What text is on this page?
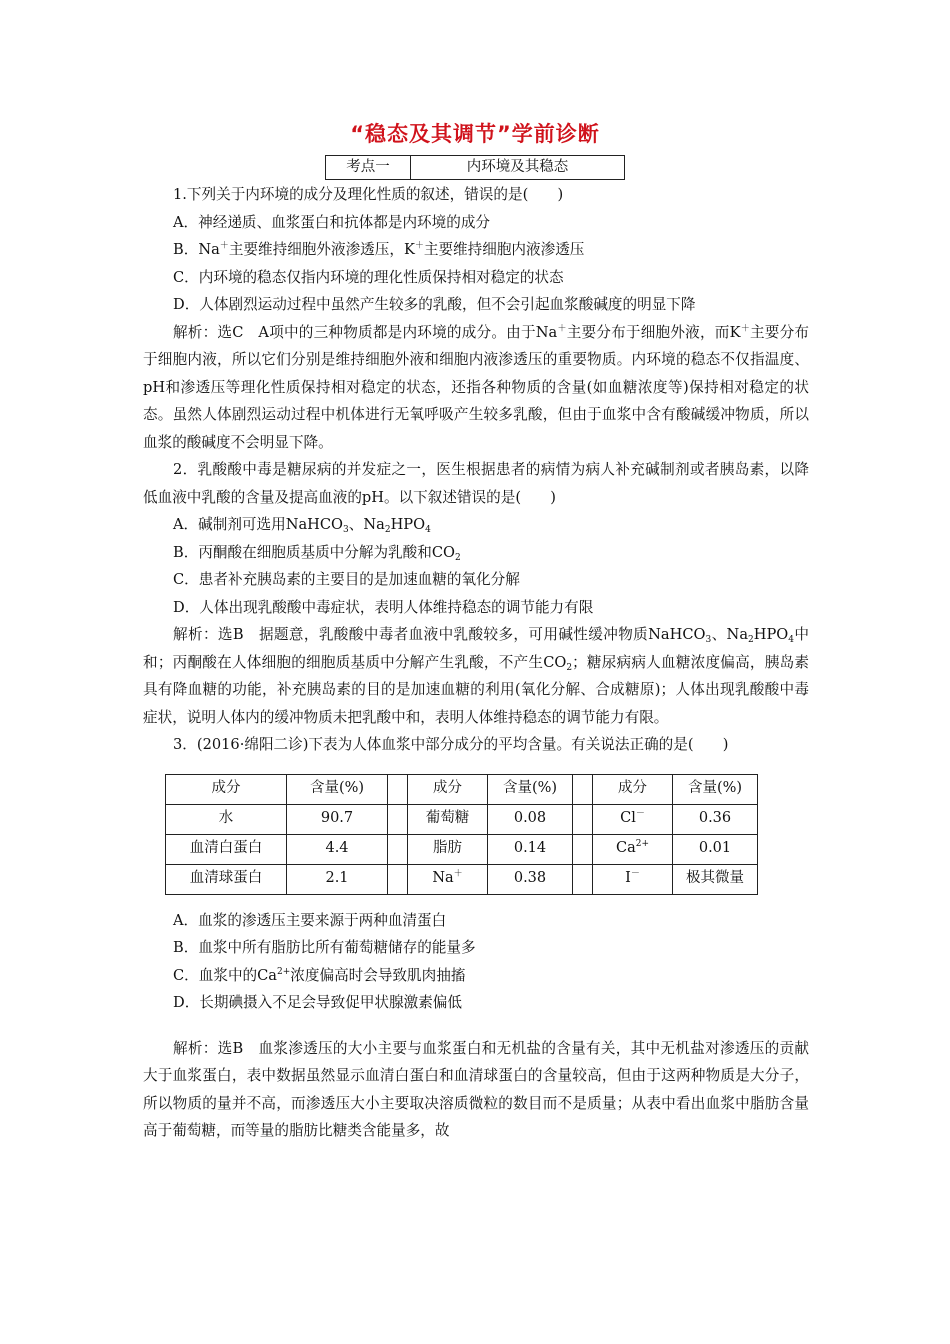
“稳态及其调节”学前诊断
考点一	内环境及其稳态

1.下列关于内环境的成分及理化性质的叙述，错误的是(　　)

A．神经递质、血浆蛋白和抗体都是内环境的成分

B．Na＋主要维持细胞外液渗透压，K＋主要维持细胞内液渗透压

C．内环境的稳态仅指内环境的理化性质保持相对稳定的状态

D．人体剧烈运动过程中虽然产生较多的乳酸，但不会引起血浆酸碱度的明显下降

解析：选C　A项中的三种物质都是内环境的成分。由于Na＋主要分布于细胞外液，而K＋主要分布于细胞内液，所以它们分别是维持细胞外液和细胞内液渗透压的重要物质。内环境的稳态不仅指温度、pH和渗透压等理化性质保持相对稳定的状态，还指各种物质的含量(如血糖浓度等)保持相对稳定的状态。虽然人体剧烈运动过程中机体进行无氧呼吸产生较多乳酸，但由于血浆中含有酸碱缓冲物质，所以血浆的酸碱度不会明显下降。

2．乳酸酸中毒是糖尿病的并发症之一，医生根据患者的病情为病人补充碱制剂或者胰岛素，以降低血液中乳酸的含量及提高血液的pH。以下叙述错误的是(　　)

A．碱制剂可选用NaHCO$_3$、$Na_2HPO_4$

B．丙酮酸在细胞质基质中分解为乳酸和$CO_2$

C．患者补充胰岛素的主要目的是加速血糖的氧化分解

D．人体出现乳酸酸中毒症状，表明人体维持稳态的调节能力有限

解析：选B　据题意，乳酸酸中毒者血液中乳酸较多，可用碱性缓冲物质NaHCO$_3$、$Na_2HPO_4$中和；丙酮酸在人体细胞的细胞质基质中分解产生乳酸，不产生$CO_2$；糖尿病病人血糖浓度偏高，胰岛素具有降血糖的功能，补充胰岛素的目的是加速血糖的利用(氧化分解、合成糖原)；人体出现乳酸酸中毒症状，说明人体内的缓冲物质未把乳酸中和，表明人体维持稳态的调节能力有限。

3．(2016·绵阳二诊)下表为人体血浆中部分成分的平均含量。有关说法正确的是(　　)

成分	含量(%)		成分	含量(%)		成分	含量(%)
水	90.7		葡萄糖	0.08		Cl－	0.36
血清白蛋白	4.4		脂肪	0.14		$Ca^{2+}$	0.01
血清球蛋白	2.1		Na＋	0.38		I－	极其微量

A．血浆的渗透压主要来源于两种血清蛋白

B．血浆中所有脂肪比所有葡萄糖储存的能量多

C．血浆中的$Ca^{2+}$浓度偏高时会导致肌肉抽搐

D．长期碘摄入不足会导致促甲状腺激素偏低

解析：选B　血浆渗透压的大小主要与血浆蛋白和无机盐的含量有关，其中无机盐对渗透压的贡献大于血浆蛋白，表中数据虽然显示血清白蛋白和血清球蛋白的含量较高，但由于这两种物质是大分子，所以物质的量并不高，而渗透压大小主要取决溶质微粒的数目而不是质量；从表中看出血浆中脂肪含量高于葡萄糖，而等量的脂肪比糖类含能量多，故
